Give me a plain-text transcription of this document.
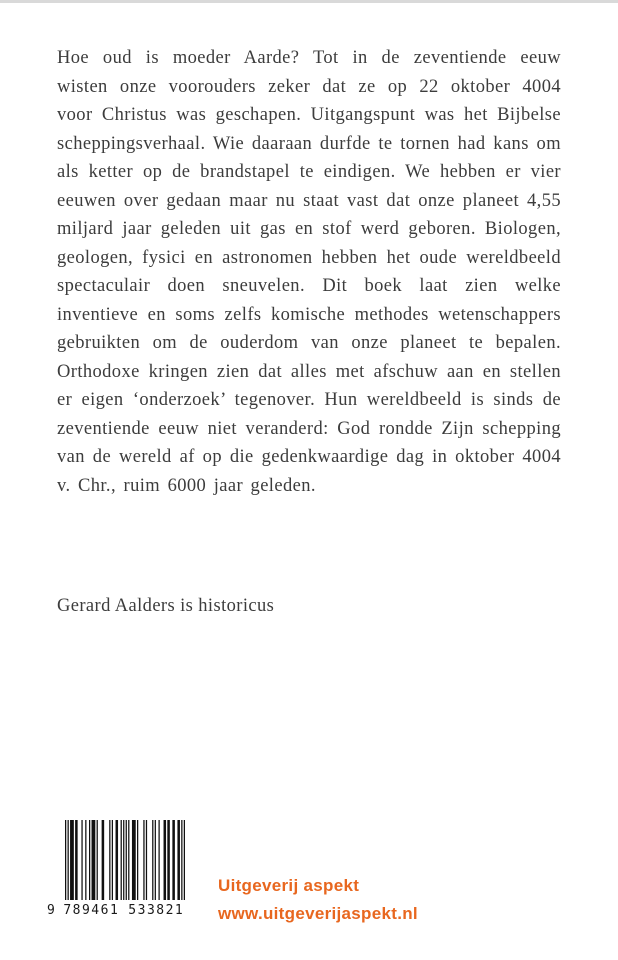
Hoe oud is moeder Aarde? Tot in de zeventiende eeuw wisten onze voorouders zeker dat ze op 22 oktober 4004 voor Christus was geschapen. Uitgangspunt was het Bijbelse scheppingsverhaal. Wie daaraan durfde te tornen had kans om als ketter op de brandstapel te eindigen. We hebben er vier eeuwen over gedaan maar nu staat vast dat onze planeet 4,55 miljard jaar geleden uit gas en stof werd geboren. Biologen, geologen, fysici en astronomen hebben het oude wereldbeeld spectaculair doen sneuvelen. Dit boek laat zien welke inventieve en soms zelfs komische methodes wetenschappers gebruikten om de ouderdom van onze planeet te bepalen. Orthodoxe kringen zien dat alles met afschuw aan en stellen er eigen ‘onderzoek’ tegenover. Hun wereldbeeld is sinds de zeventiende eeuw niet veranderd: God rondde Zijn schepping van de wereld af op die gedenkwaardige dag in oktober 4004 v. Chr., ruim 6000 jaar geleden.

Gerard Aalders is historicus

9 789461 533821
Uitgeverij aspekt
www.uitgeverijaspekt.nl
